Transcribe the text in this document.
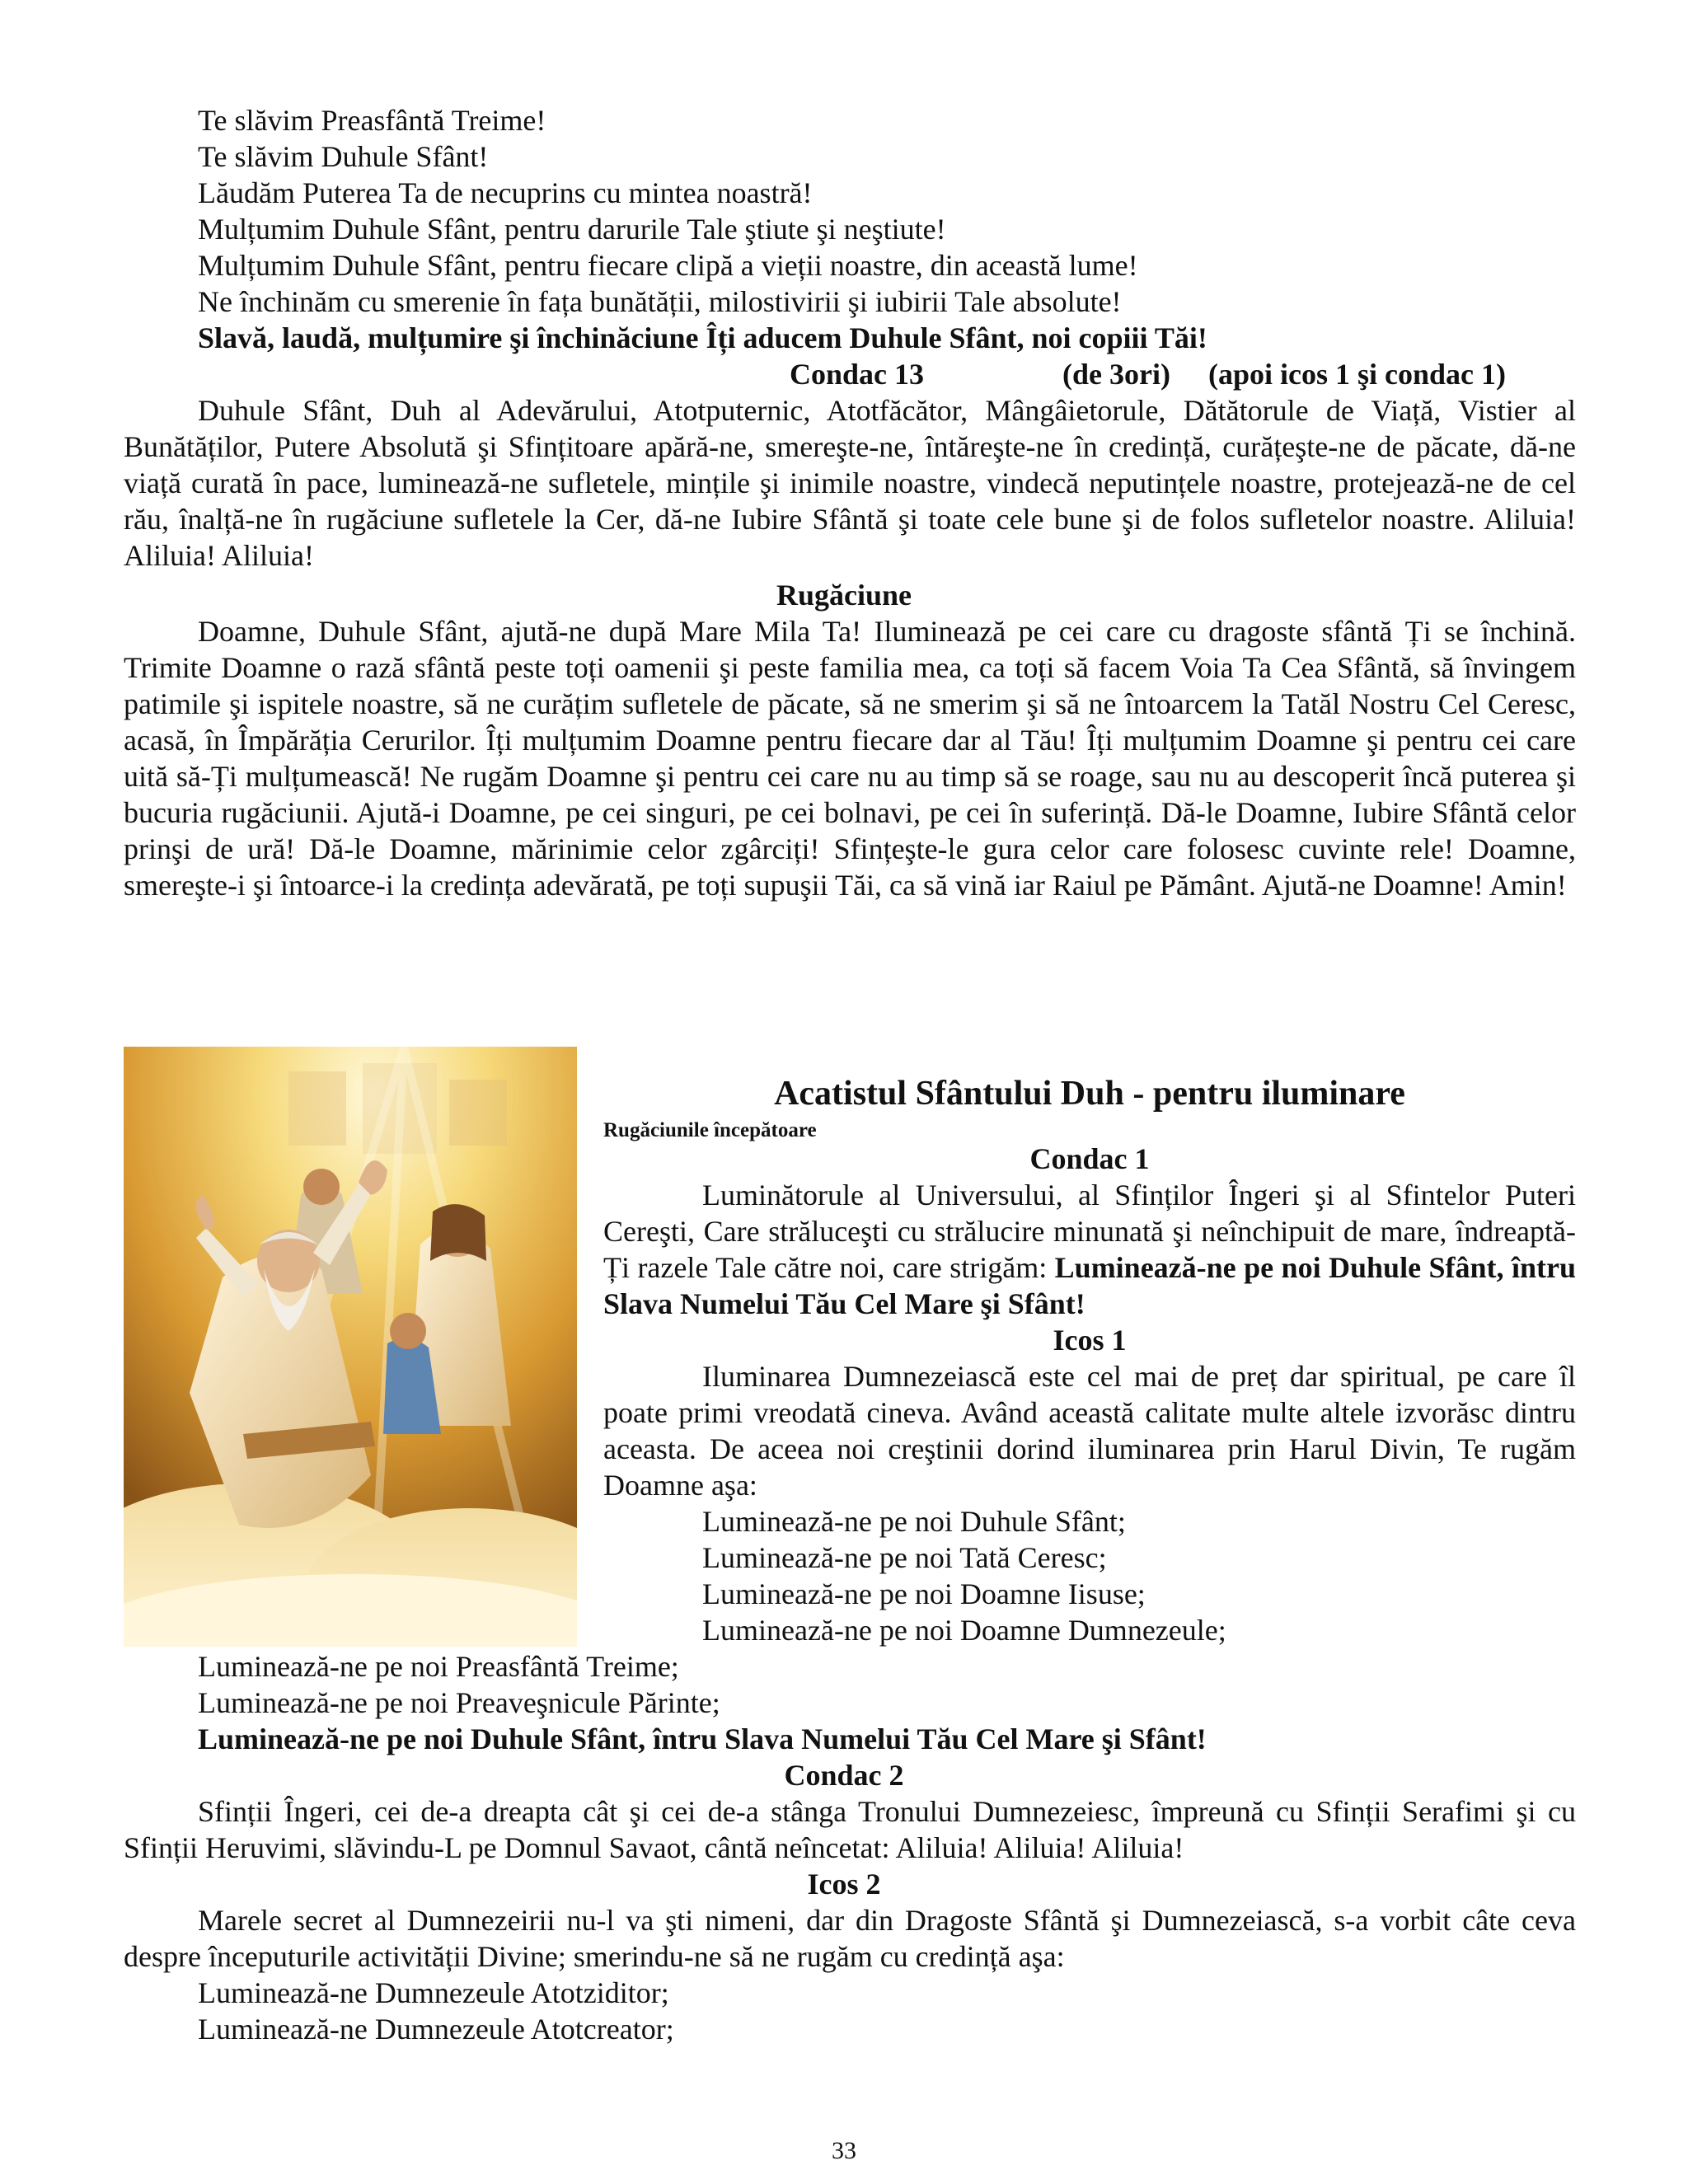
Te slăvim Preasfântă Treime!
Te slăvim Duhule Sfânt!
Lăudăm Puterea Ta de necuprins cu mintea noastră!
Mulțumim Duhule Sfânt, pentru darurile Tale ştiute şi neştiute!
Mulțumim Duhule Sfânt, pentru fiecare clipă a vieții noastre, din această lume!
Ne închinăm cu smerenie în fața bunătății, milostivirii şi iubirii Tale absolute!
Slavă, laudă, mulțumire şi închinăciune Îți aducem Duhule Sfânt, noi copiii Tăi!
Condac 13	(de 3ori) (apoi icos 1 şi condac 1)
Duhule Sfânt, Duh al Adevărului, Atotputernic, Atotfăcător, Mângâietorule, Dătătorule de Viață, Vistier al Bunătăților, Putere Absolută şi Sfințitoare apără-ne, smereşte-ne, întăreşte-ne în credință, curățeşte-ne de păcate, dă-ne viață curată în pace, luminează-ne sufletele, mințile şi inimile noastre, vindecă neputințele noastre, protejează-ne de cel rău, înalță-ne în rugăciune sufletele la Cer, dă-ne Iubire Sfântă şi toate cele bune şi de folos sufletelor noastre. Aliluia! Aliluia! Aliluia!
Rugăciune
Doamne, Duhule Sfânt, ajută-ne după Mare Mila Ta! Iluminează pe cei care cu dragoste sfântă Ți se închină. Trimite Doamne o rază sfântă peste toți oamenii şi peste familia mea, ca toți să facem Voia Ta Cea Sfântă, să învingem patimile şi ispitele noastre, să ne curățim sufletele de păcate, să ne smerim şi să ne întoarcem la Tatăl Nostru Cel Ceresc, acasă, în Împărăția Cerurilor. Îți mulțumim Doamne pentru fiecare dar al Tău! Îți mulțumim Doamne şi pentru cei care uită să-Ți mulțumească! Ne rugăm Doamne şi pentru cei care nu au timp să se roage, sau nu au descoperit încă puterea şi bucuria rugăciunii. Ajută-i Doamne, pe cei singuri, pe cei bolnavi, pe cei în suferință. Dă-le Doamne, Iubire Sfântă celor prinşi de ură! Dă-le Doamne, mărinimie celor zgârciți! Sfințeşte-le gura celor care folosesc cuvinte rele! Doamne, smereşte-i şi întoarce-i la credința adevărată, pe toți supuşii Tăi, ca să vină iar Raiul pe Pământ. Ajută-ne Doamne! Amin!
Acatistul Sfântului Duh - pentru iluminare
Rugăciunile începătoare
Condac 1
Luminătorule al Universului, al Sfinților Îngeri şi al Sfintelor Puteri Cereşti, Care străluceşti cu strălucire minunată şi neînchipuit de mare, îndreaptă-Ți razele Tale către noi, care strigăm: Luminează-ne pe noi Duhule Sfânt, întru Slava Numelui Tău Cel Mare şi Sfânt!
Icos 1
Iluminarea Dumnezeiască este cel mai de preț dar spiritual, pe care îl poate primi vreodată cineva. Având această calitate multe altele izvorăsc dintru aceasta. De aceea noi creştinii dorind iluminarea prin Harul Divin, Te rugăm Doamne aşa:
Luminează-ne pe noi Duhule Sfânt;
Luminează-ne pe noi Tată Ceresc;
Luminează-ne pe noi Doamne Iisuse;
Luminează-ne pe noi Doamne Dumnezeule;
Luminează-ne pe noi Preasfântă Treime;
Luminează-ne pe noi Preaveşnicule Părinte;
Luminează-ne pe noi Duhule Sfânt, întru Slava Numelui Tău Cel Mare şi Sfânt!
Condac 2
Sfinții Îngeri, cei de-a dreapta cât şi cei de-a stânga Tronului Dumnezeiesc, împreună cu Sfinții Serafimi şi cu Sfinții Heruvimi, slăvindu-L pe Domnul Savaot, cântă neîncetat: Aliluia! Aliluia! Aliluia!
Icos 2
Marele secret al Dumnezeirii nu-l va şti nimeni, dar din Dragoste Sfântă şi Dumnezeiască, s-a vorbit câte ceva despre începuturile activității Divine; smerindu-ne să ne rugăm cu credință aşa:
Luminează-ne Dumnezeule Atotziditor;
Luminează-ne Dumnezeule Atotcreator;
33
